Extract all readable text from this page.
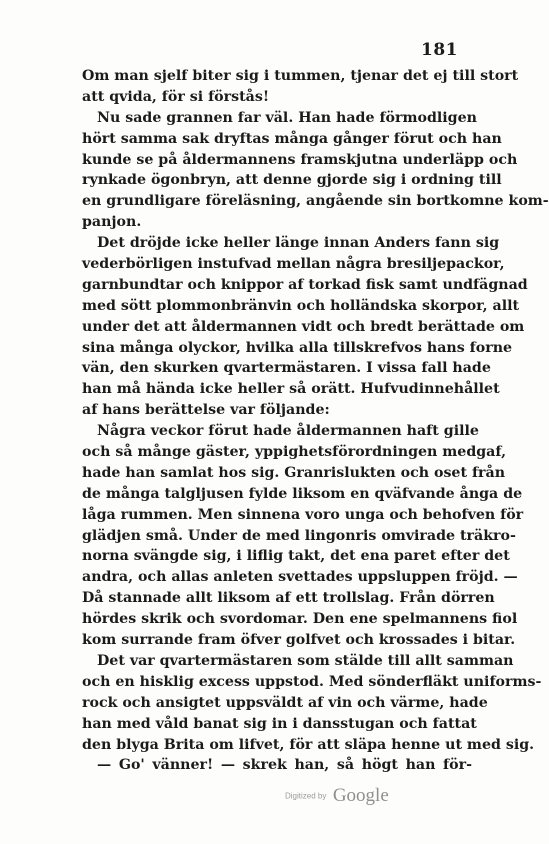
181
Om man sjelf biter sig i tummen, tjenar det ej till stort
att qvida, för si förstås!
Nu sade grannen far väl. Han hade förmodligen
hört samma sak dryftas många gånger förut och han
kunde se på åldermannens framskjutna underläpp och
rynkade ögonbryn, att denne gjorde sig i ordning till
en grundligare föreläsning, angående sin bortkomne kom-
panjon.
Det dröjde icke heller länge innan Anders fann sig
vederbörligen instufvad mellan några bresiljepackor,
garnbundtar och knippor af torkad fisk samt undfägnad
med sött plommonbränvin och holländska skorpor, allt
under det att åldermannen vidt och bredt berättade om
sina många olyckor, hvilka alla tillskrefvos hans forne
vän, den skurken qvartermästaren. I vissa fall hade
han må hända icke heller så orätt. Hufvudinnehållet
af hans berättelse var följande:
Några veckor förut hade åldermannen haft gille
och så månge gäster, yppighetsförordningen medgaf,
hade han samlat hos sig. Granrislukten och oset från
de många talgljusen fylde liksom en qväfvande ånga de
låga rummen. Men sinnena voro unga och behofven för
glädjen små. Under de med lingonris omvirade träkro-
norna svängde sig, i liflig takt, det ena paret efter det
andra, och allas anleten svettades uppsluppen fröjd. —
Då stannade allt liksom af ett trollslag. Från dörren
hördes skrik och svordomar. Den ene spelmannens fiol
kom surrande fram öfver golfvet och krossades i bitar.
Det var qvartermästaren som stälde till allt samman
och en hisklig excess uppstod. Med sönderfläkt uniforms-
rock och ansigtet uppsväldt af vin och värme, hade
han med våld banat sig in i dansstugan och fattat
den blyga Brita om lifvet, för att släpa henne ut med sig.
— Go' vänner! — skrek han, så högt han för-
Digitized by Google
